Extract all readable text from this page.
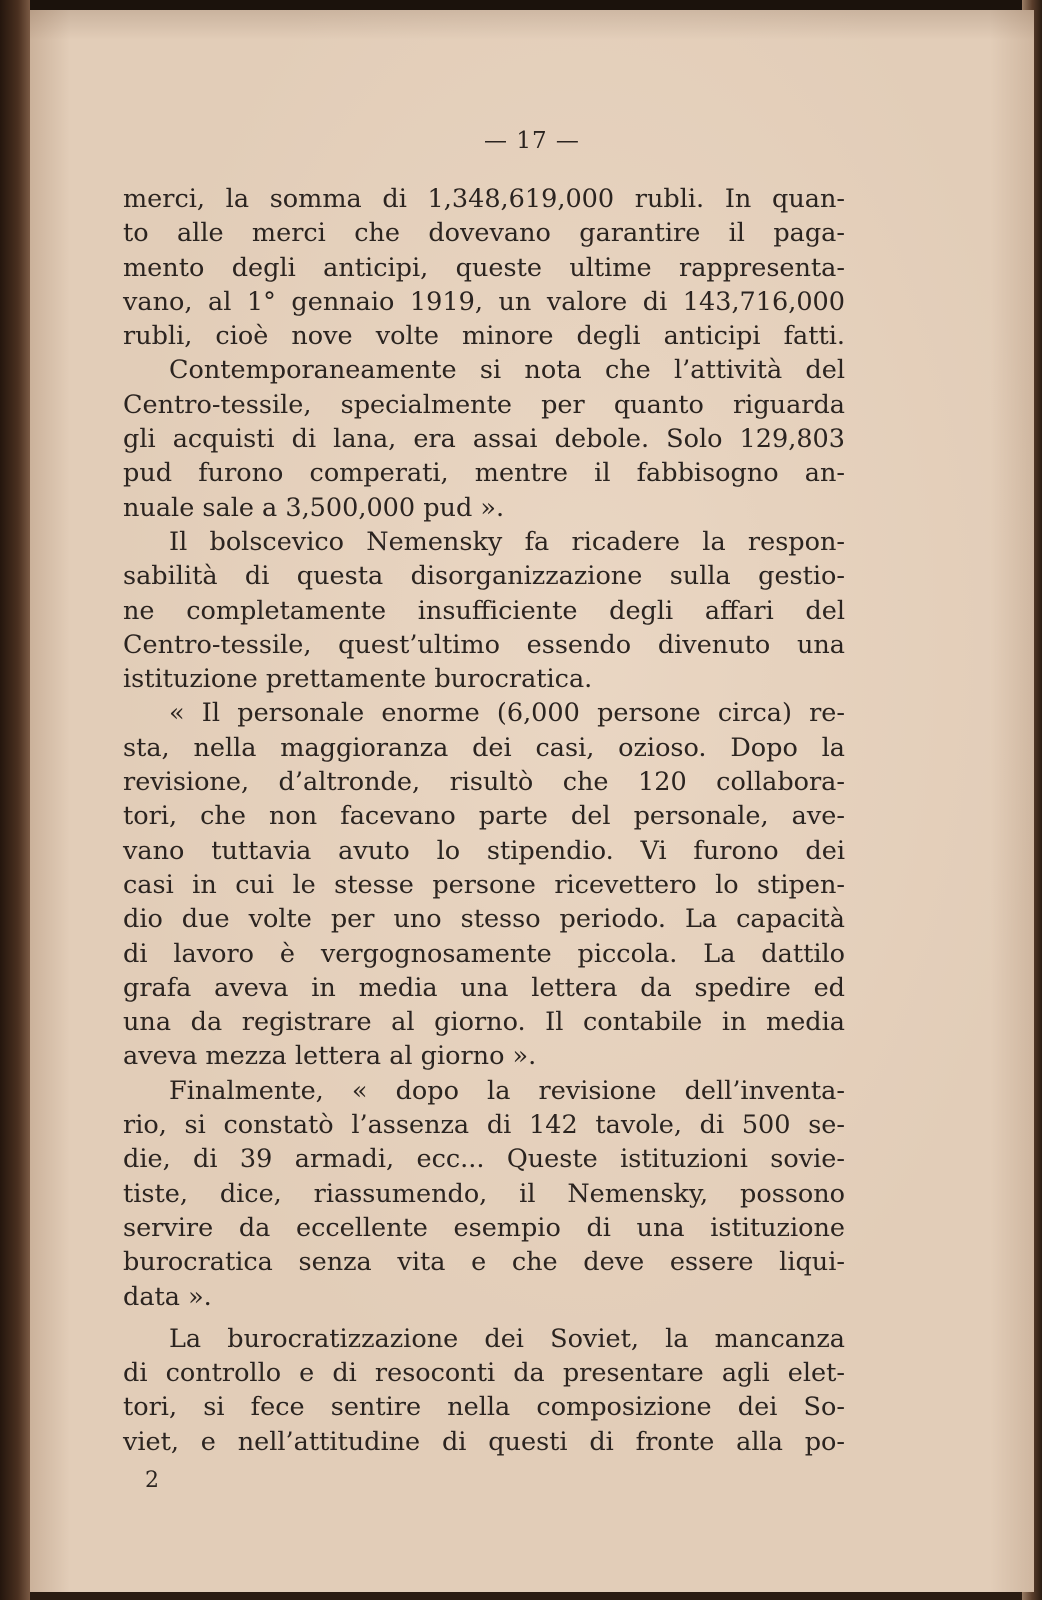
— 17 —
merci, la somma di 1,348,619,000 rubli. In quan-
to alle merci che dovevano garantire il paga-
mento degli anticipi, queste ultime rappresenta-
vano, al 1° gennaio 1919, un valore di 143,716,000
rubli, cioè nove volte minore degli anticipi fatti.
Contemporaneamente si nota che l’attività del
Centro-tessile, specialmente per quanto riguarda
gli acquisti di lana, era assai debole. Solo 129,803
pud furono comperati, mentre il fabbisogno an-
nuale sale a 3,500,000 pud ».
Il bolscevico Nemensky fa ricadere la respon-
sabilità di questa disorganizzazione sulla gestio-
ne completamente insufficiente degli affari del
Centro-tessile, quest’ultimo essendo divenuto una
istituzione prettamente burocratica.
« Il personale enorme (6,000 persone circa) re-
sta, nella maggioranza dei casi, ozioso. Dopo la
revisione, d’altronde, risultò che 120 collabora-
tori, che non facevano parte del personale, ave-
vano tuttavia avuto lo stipendio. Vi furono dei
casi in cui le stesse persone ricevettero lo stipen-
dio due volte per uno stesso periodo. La capacità
di lavoro è vergognosamente piccola. La dattilo
grafa aveva in media una lettera da spedire ed
una da registrare al giorno. Il contabile in media
aveva mezza lettera al giorno ».
Finalmente, « dopo la revisione dell’inventa-
rio, si constatò l’assenza di 142 tavole, di 500 se-
die, di 39 armadi, ecc... Queste istituzioni sovie-
tiste, dice, riassumendo, il Nemensky, possono
servire da eccellente esempio di una istituzione
burocratica senza vita e che deve essere liqui-
data ».
La burocratizzazione dei Soviet, la mancanza
di controllo e di resoconti da presentare agli elet-
tori, si fece sentire nella composizione dei So-
viet, e nell’attitudine di questi di fronte alla po-
2
